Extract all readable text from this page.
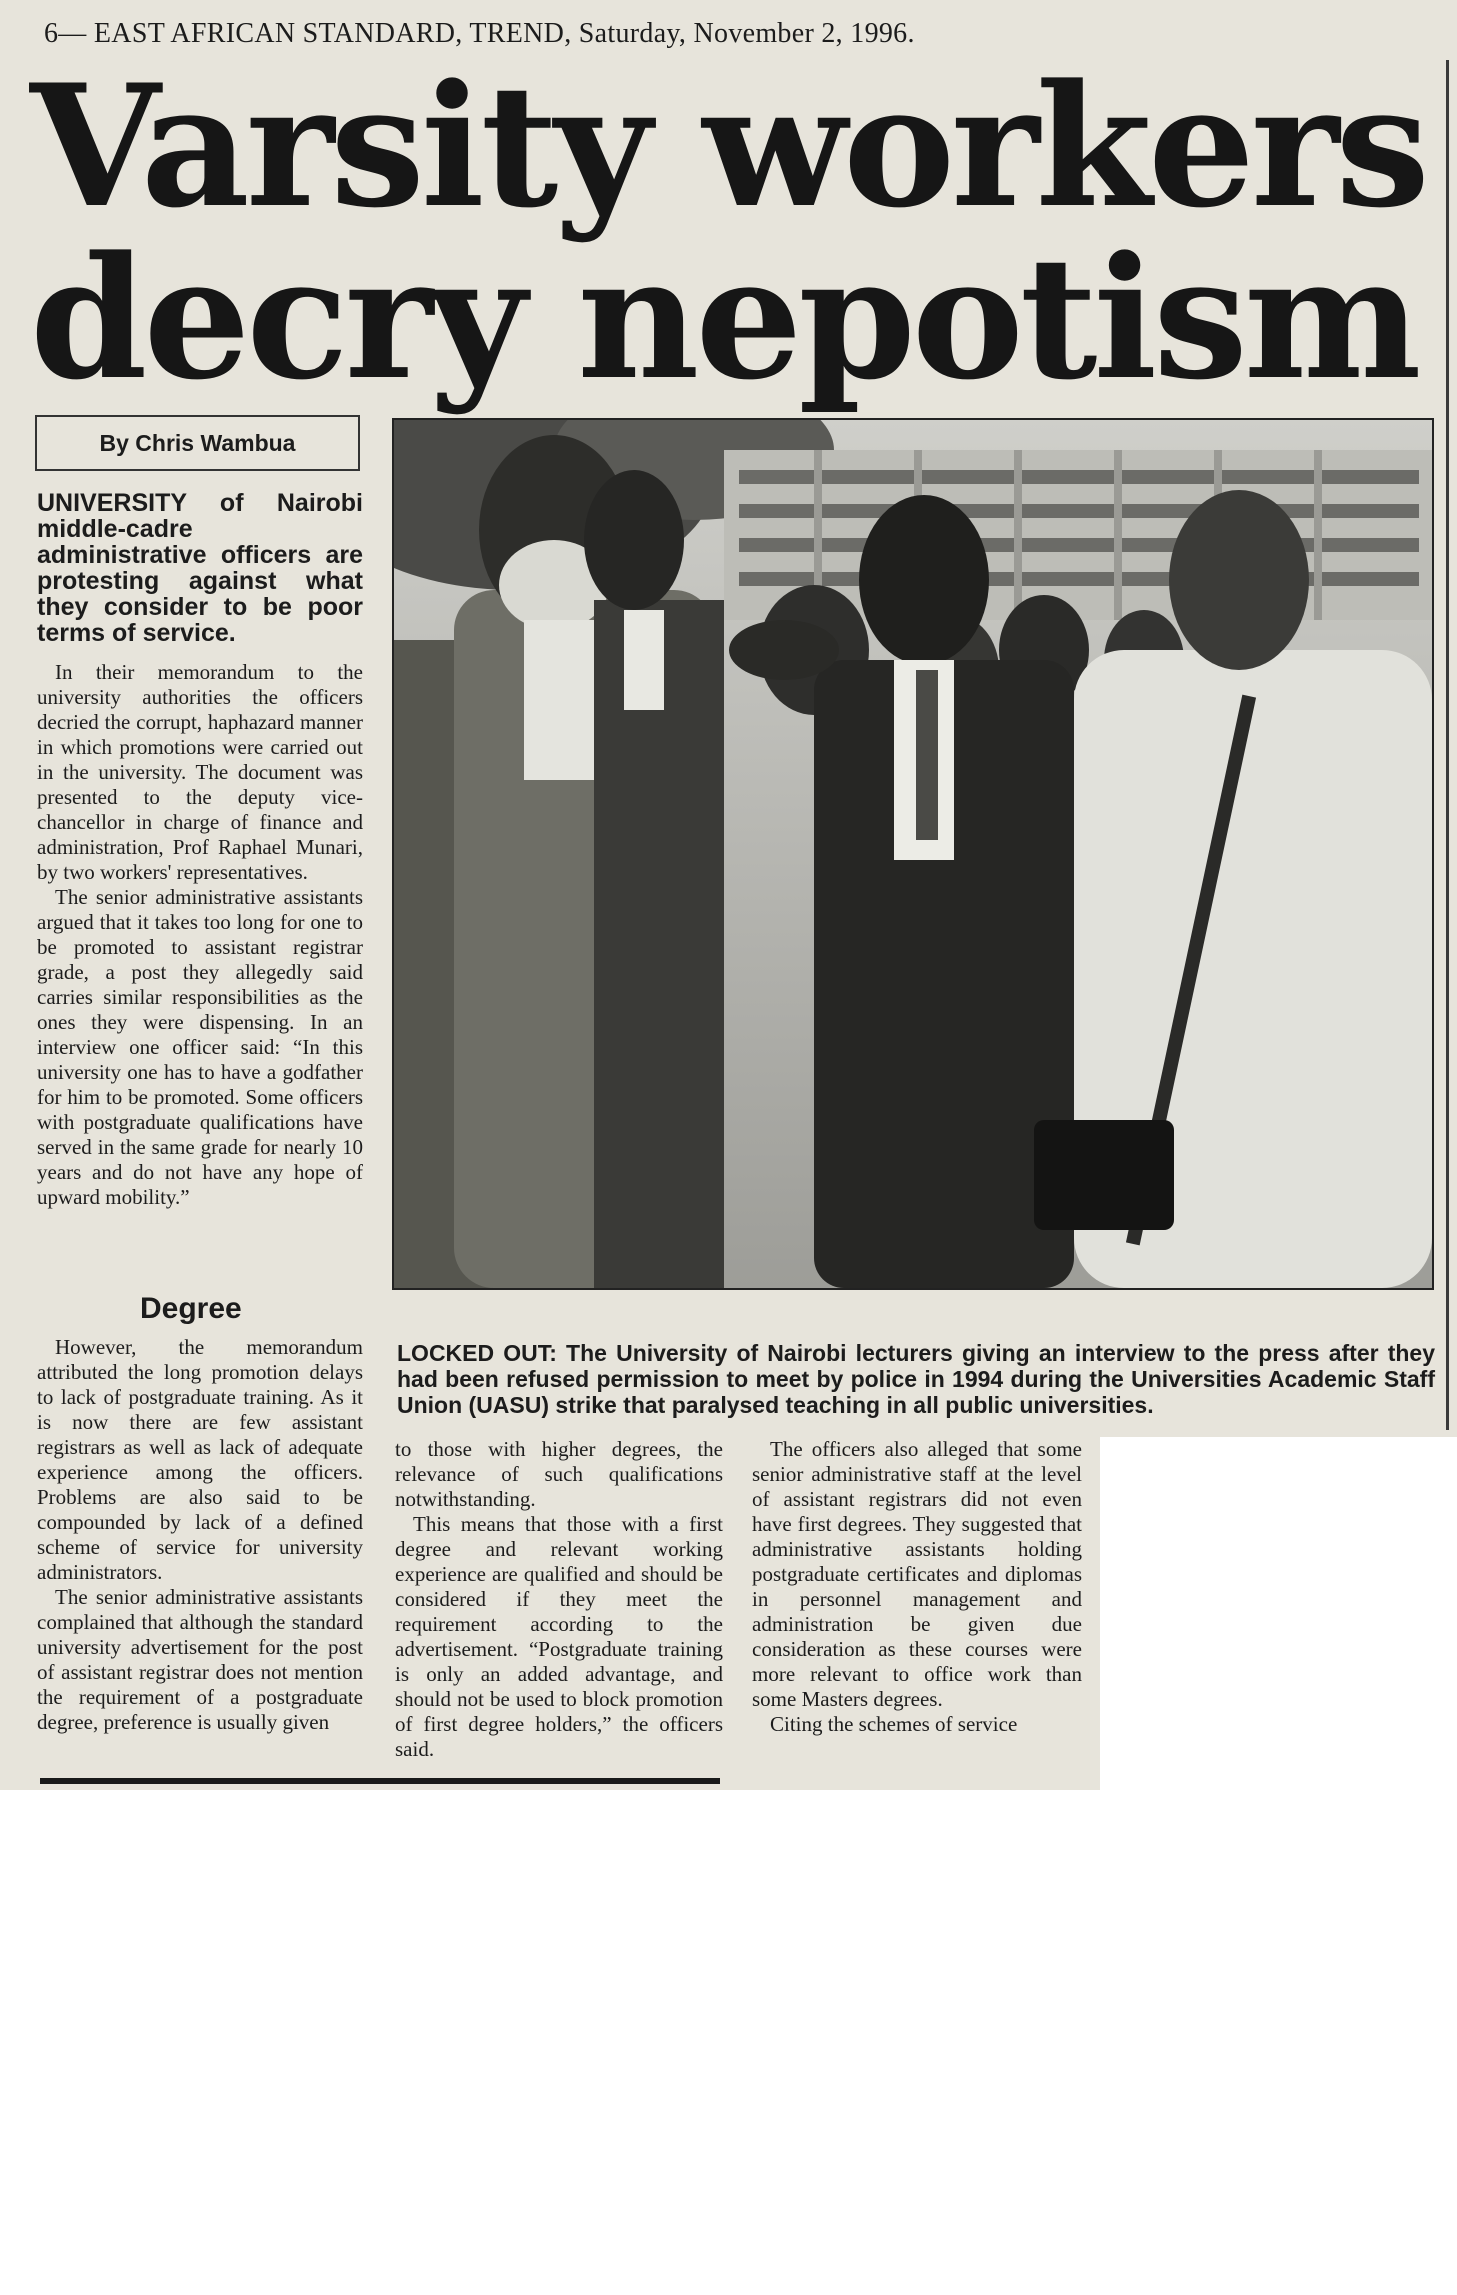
6— EAST AFRICAN STANDARD, TREND, Saturday, November 2, 1996.
Varsity workers
decry nepotism
By Chris Wambua
UNIVERSITY of Nairobi middle-cadre administrative officers are protesting against what they consider to be poor terms of service.

In their memorandum to the university authorities the officers decried the corrupt, haphazard manner in which promotions were carried out in the university. The document was presented to the deputy vice-chancellor in charge of finance and administration, Prof Raphael Munari, by two workers' representatives.

The senior administrative assistants argued that it takes too long for one to be promoted to assistant registrar grade, a post they allegedly said carries similar responsibilities as the ones they were dispensing. In an interview one officer said: “In this university one has to have a godfather for him to be promoted. Some officers with postgraduate qualifications have served in the same grade for nearly 10 years and do not have any hope of upward mobility.”

Degree

However, the memorandum attributed the long promotion delays to lack of postgraduate training. As it is now there are few assistant registrars as well as lack of adequate experience among the officers. Problems are also said to be compounded by lack of a defined scheme of service for university administrators.

The senior administrative assistants complained that although the standard university advertisement for the post of assistant registrar does not mention the requirement of a postgraduate degree, preference is usually given

LOCKED OUT: The University of Nairobi lecturers giving an interview to the press after they had been refused permission to meet by police in 1994 during the Universities Academic Staff Union (UASU) strike that paralysed teaching in all public universities.

to those with higher degrees, the relevance of such qualifications notwithstanding.

This means that those with a first degree and relevant working experience are qualified and should be considered if they meet the requirement according to the advertisement. “Postgraduate training is only an added advantage, and should not be used to block promotion of first degree holders,” the officers said.

The officers also alleged that some senior administrative staff at the level of assistant registrars did not even have first degrees. They suggested that administrative assistants holding postgraduate certificates and diplomas in personnel management and administration be given due consideration as these courses were more relevant to office work than some Masters degrees.

Citing the schemes of service
